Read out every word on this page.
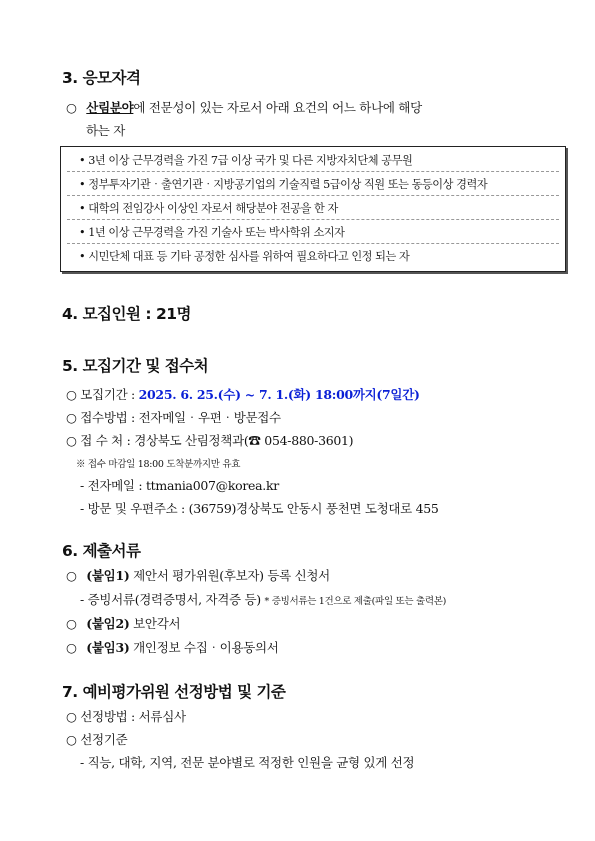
3. 응모자격
○ 산림분야에 전문성이 있는 자로서 아래 요건의 어느 하나에 해당
하는 자
• 3년 이상 근무경력을 가진 7급 이상 국가 및 다른 지방자치단체 공무원
• 정부투자기관‧출연기관‧지방공기업의 기술직렬 5급이상 직원 또는 동등이상 경력자
• 대학의 전임강사 이상인 자로서 해당분야 전공을 한 자
• 1년 이상 근무경력을 가진 기술사 또는 박사학위 소지자
• 시민단체 대표 등 기타 공정한 심사를 위하여 필요하다고 인정 되는 자
4. 모집인원 : 21명
5. 모집기간 및 접수처
○ 모집기간 : 2025. 6. 25.(수) ~ 7. 1.(화) 18:00까지(7일간)
○ 접수방법 : 전자메일‧우편‧방문접수
○ 접 수 처 : 경상북도 산림정책과(☎ 054-880-3601)
※ 접수 마감일 18:00 도착분까지만 유효
- 전자메일 : ttmania007@korea.kr
- 방문 및 우편주소 : (36759)경상북도 안동시 풍천면 도청대로 455
6. 제출서류
○ (붙임1) 제안서 평가위원(후보자) 등록 신청서
- 증빙서류(경력증명서, 자격증 등) * 증빙서류는 1건으로 제출(파일 또는 출력본)
○ (붙임2) 보안각서
○ (붙임3) 개인정보 수집‧이용동의서
7. 예비평가위원 선정방법 및 기준
○ 선정방법 : 서류심사
○ 선정기준
- 직능, 대학, 지역, 전문 분야별로 적정한 인원을 균형 있게 선정
